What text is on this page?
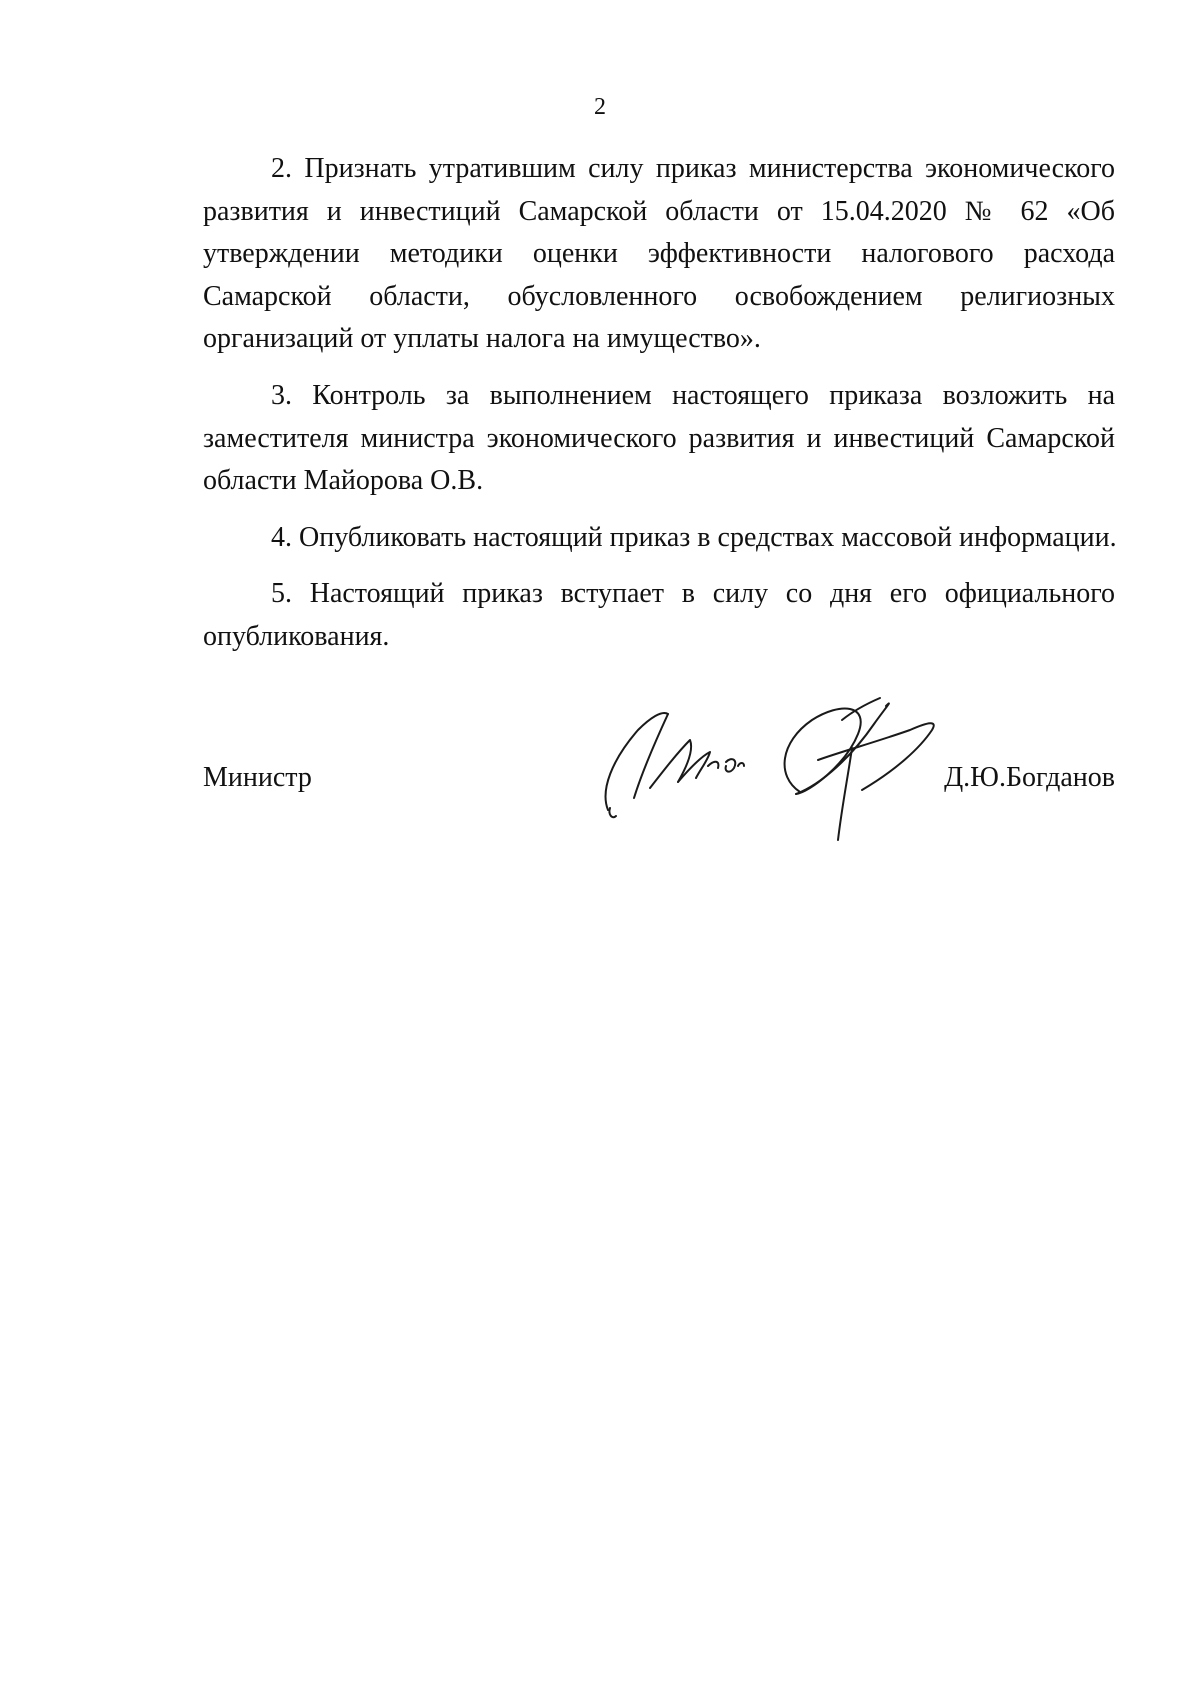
2

2. Признать утратившим силу приказ министерства экономического развития и инвестиций Самарской области от 15.04.2020 № 62 «Об утверждении методики оценки эффективности налогового расхода Самарской области, обусловленного освобождением религиозных организаций от уплаты налога на имущество».

3. Контроль за выполнением настоящего приказа возложить на заместителя министра экономического развития и инвестиций Самарской области Майорова О.В.

4. Опубликовать настоящий приказ в средствах массовой информации.

5. Настоящий приказ вступает в силу со дня его официального опубликования.

Министр	Д.Ю.Богданов
